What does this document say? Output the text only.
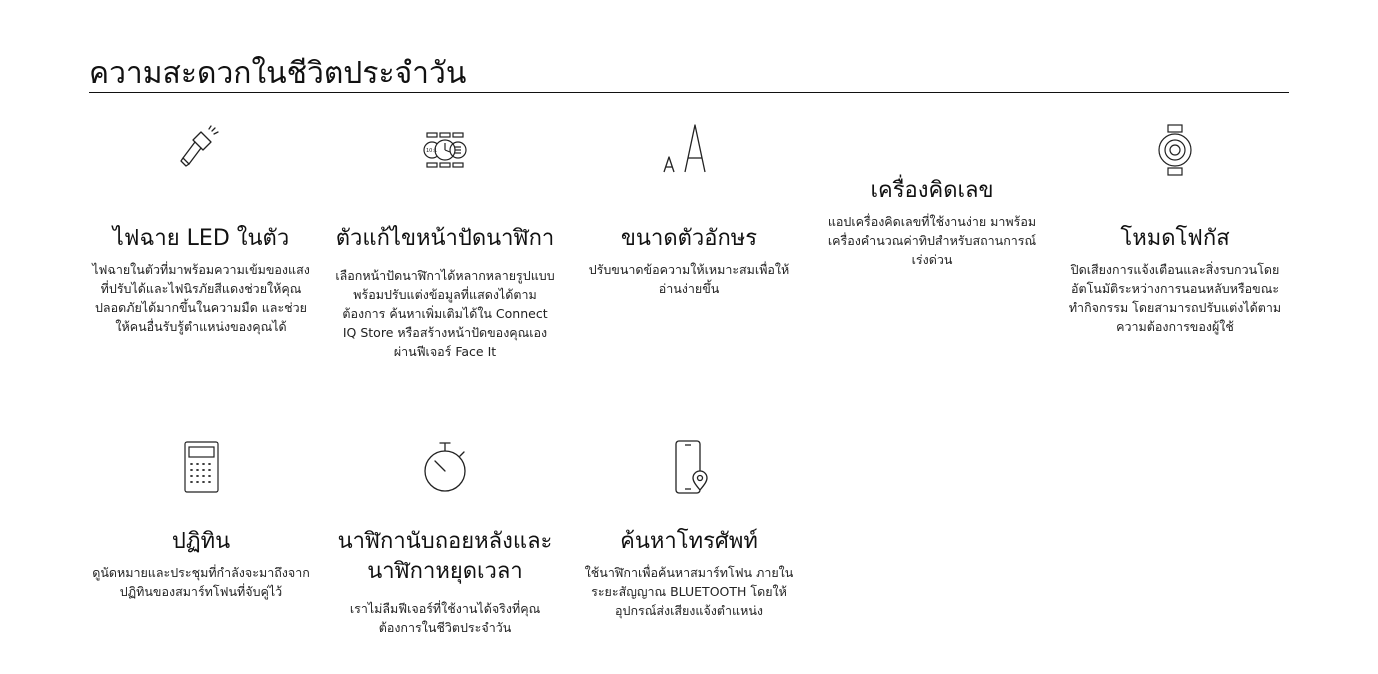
ความสะดวกในชีวิตประจำวัน
ไฟฉาย LED ในตัว

ไฟฉายในตัวที่มาพร้อมความเข้มของแสงที่ปรับได้และไฟนิรภัยสีแดงช่วยให้คุณปลอดภัยได้มากขึ้นในความมืด และช่วยให้คนอื่นรับรู้ตำแหน่งของคุณได้

10:1
ตัวแก้ไขหน้าปัดนาฬิกา

เลือกหน้าปัดนาฬิกาได้หลากหลายรูปแบบพร้อมปรับแต่งข้อมูลที่แสดงได้ตามต้องการ ค้นหาเพิ่มเติมได้ใน Connect IQ Store หรือสร้างหน้าปัดของคุณเองผ่านฟีเจอร์ Face It

ขนาดตัวอักษร

ปรับขนาดข้อความให้เหมาะสมเพื่อให้อ่านง่ายขึ้น

เครื่องคิดเลข

แอปเครื่องคิดเลขที่ใช้งานง่าย มาพร้อมเครื่องคำนวณค่าทิปสำหรับสถานการณ์เร่งด่วน

โหมดโฟกัส

ปิดเสียงการแจ้งเตือนและสิ่งรบกวนโดยอัตโนมัติระหว่างการนอนหลับหรือขณะทำกิจกรรม โดยสามารถปรับแต่งได้ตามความต้องการของผู้ใช้

ปฏิทิน

ดูนัดหมายและประชุมที่กำลังจะมาถึงจากปฏิทินของสมาร์ทโฟนที่จับคู่ไว้

นาฬิกานับถอยหลังและนาฬิกาหยุดเวลา

เราไม่ลืมฟีเจอร์ที่ใช้งานได้จริงที่คุณต้องการในชีวิตประจำวัน

ค้นหาโทรศัพท์

ใช้นาฬิกาเพื่อค้นหาสมาร์ทโฟน ภายในระยะสัญญาณ BLUETOOTH โดยให้อุปกรณ์ส่งเสียงแจ้งตำแหน่ง
